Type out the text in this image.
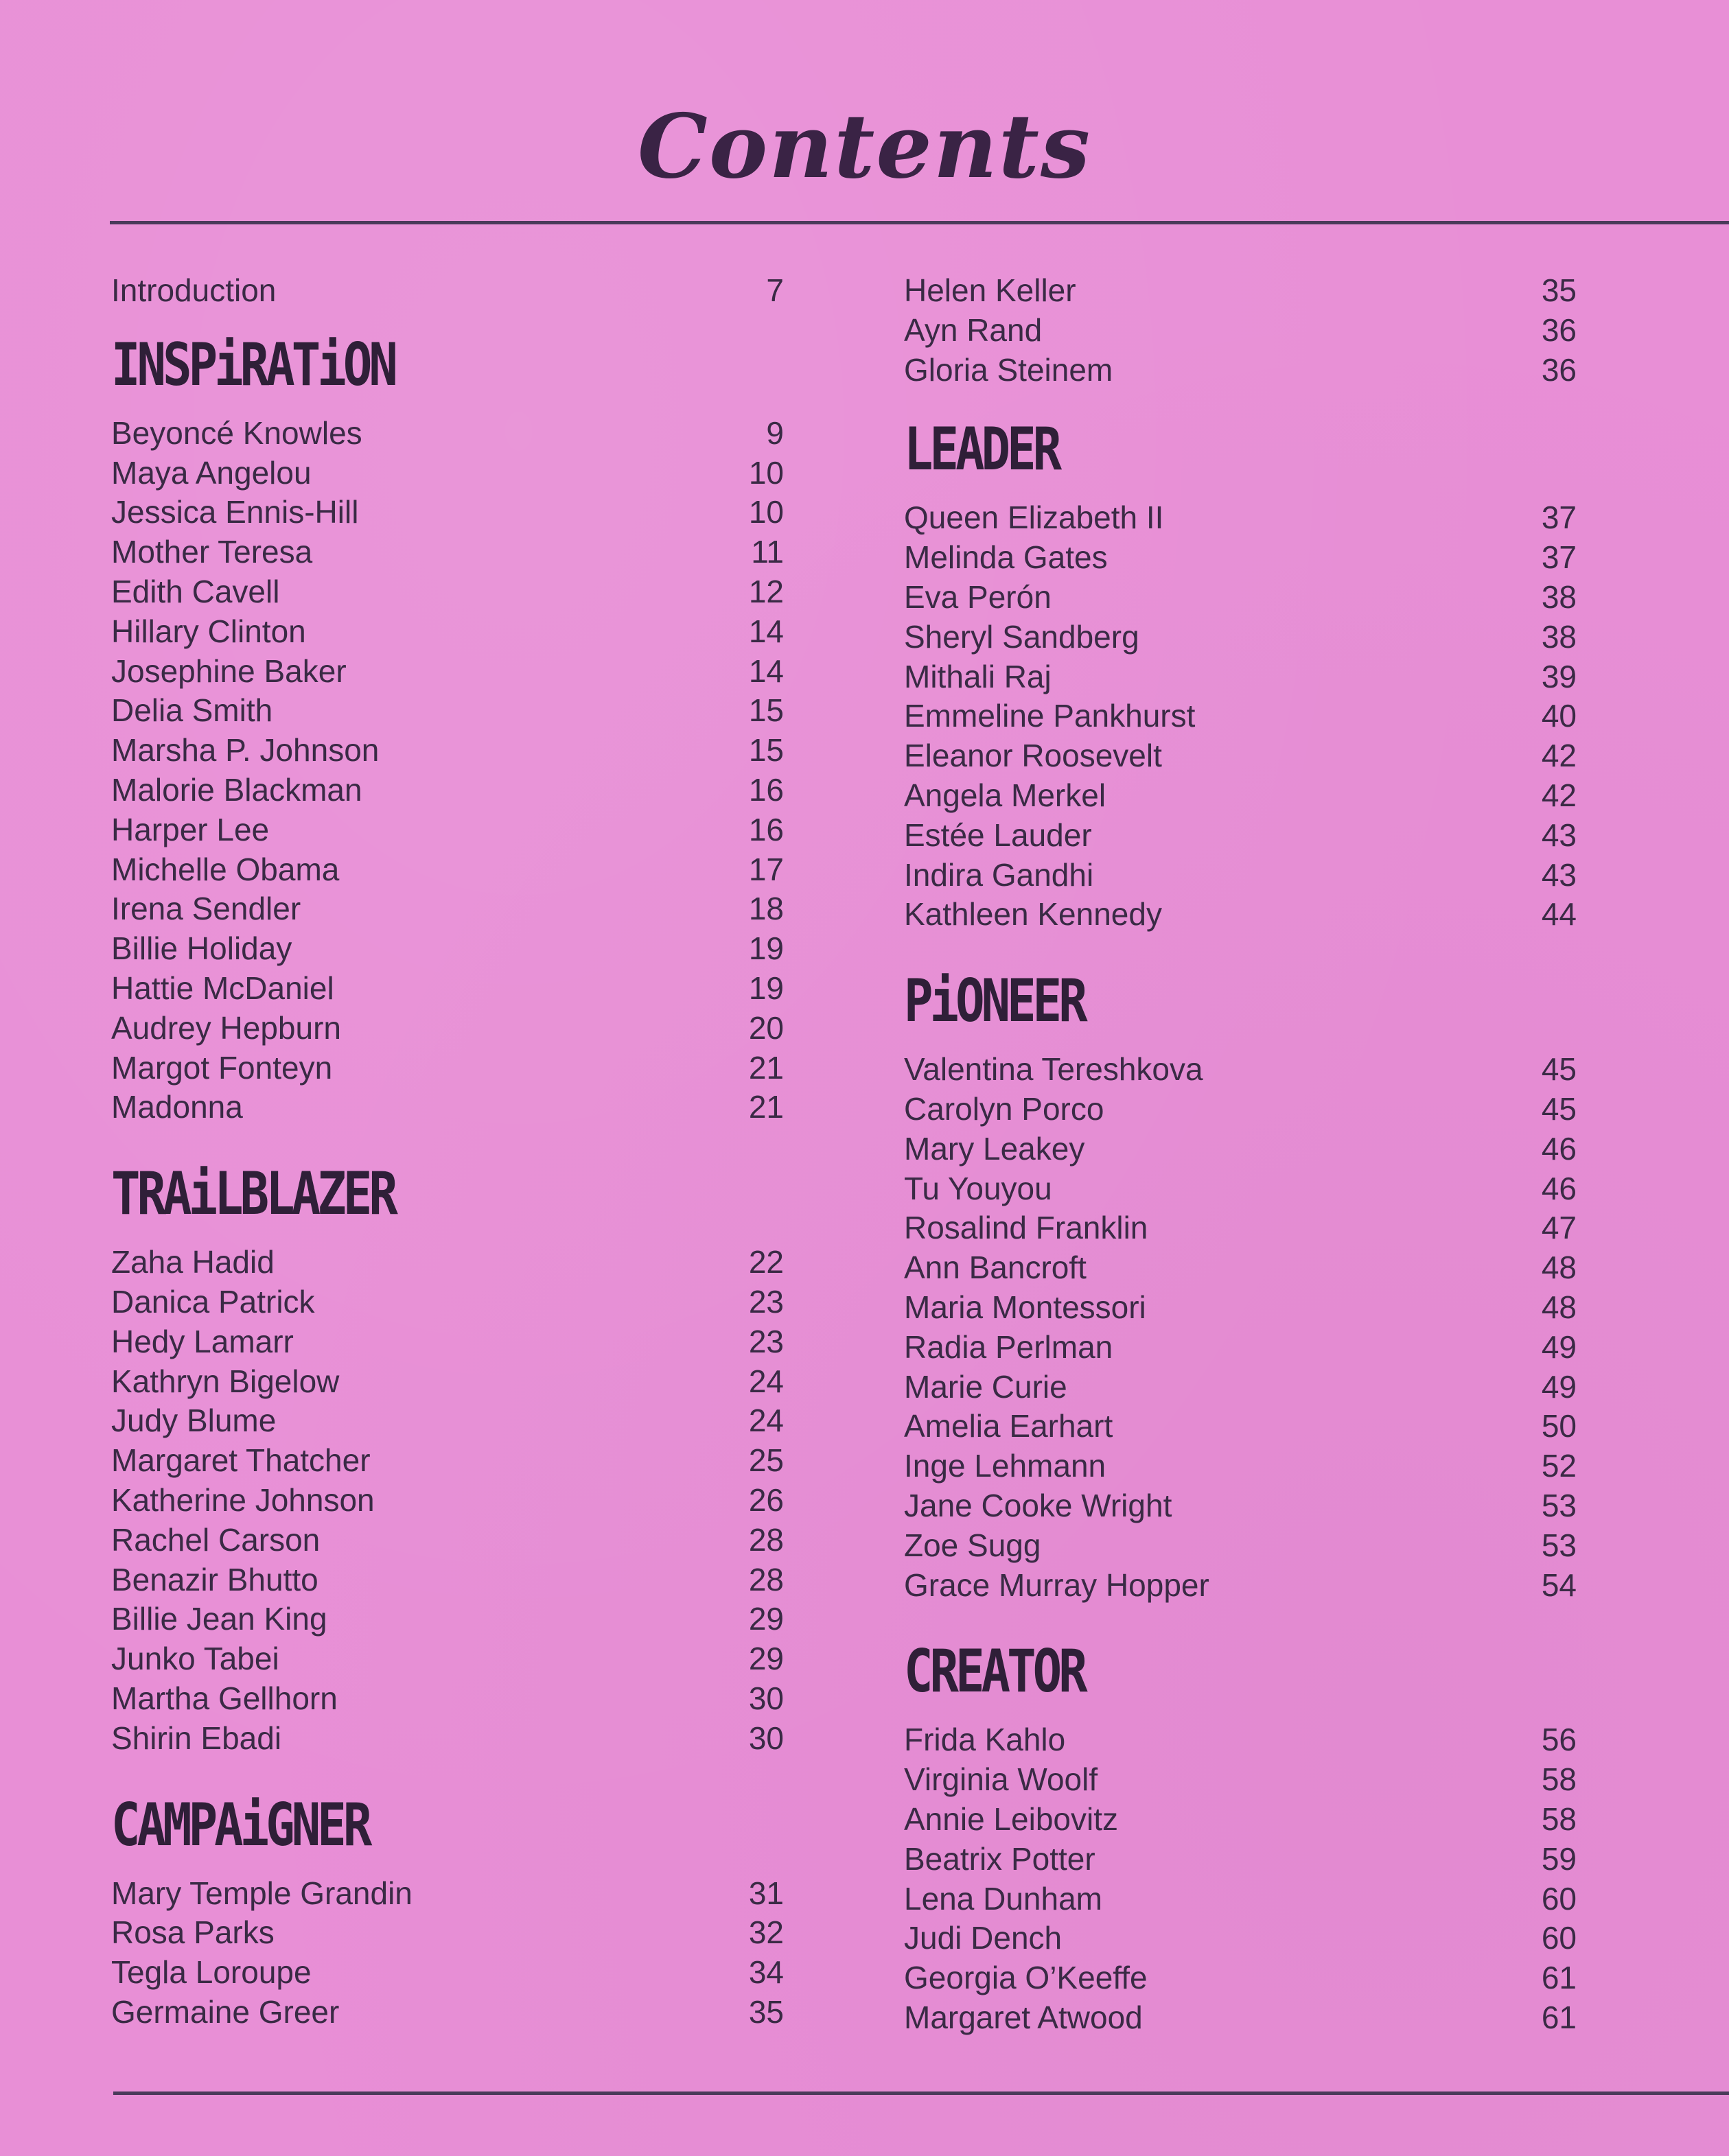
Contents
Introduction	7
INSPiRATiON
Beyoncé Knowles	9
Maya Angelou	10
Jessica Ennis-Hill	10
Mother Teresa	11
Edith Cavell	12
Hillary Clinton	14
Josephine Baker	14
Delia Smith	15
Marsha P. Johnson	15
Malorie Blackman	16
Harper Lee	16
Michelle Obama	17
Irena Sendler	18
Billie Holiday	19
Hattie McDaniel	19
Audrey Hepburn	20
Margot Fonteyn	21
Madonna	21
TRAiLBLAZER
Zaha Hadid	22
Danica Patrick	23
Hedy Lamarr	23
Kathryn Bigelow	24
Judy Blume	24
Margaret Thatcher	25
Katherine Johnson	26
Rachel Carson	28
Benazir Bhutto	28
Billie Jean King	29
Junko Tabei	29
Martha Gellhorn	30
Shirin Ebadi	30
CAMPAiGNER
Mary Temple Grandin	31
Rosa Parks	32
Tegla Loroupe	34
Germaine Greer	35
Helen Keller	35
Ayn Rand	36
Gloria Steinem	36
LEADER
Queen Elizabeth II	37
Melinda Gates	37
Eva Perón	38
Sheryl Sandberg	38
Mithali Raj	39
Emmeline Pankhurst	40
Eleanor Roosevelt	42
Angela Merkel	42
Estée Lauder	43
Indira Gandhi	43
Kathleen Kennedy	44
PiONEER
Valentina Tereshkova	45
Carolyn Porco	45
Mary Leakey	46
Tu Youyou	46
Rosalind Franklin	47
Ann Bancroft	48
Maria Montessori	48
Radia Perlman	49
Marie Curie	49
Amelia Earhart	50
Inge Lehmann	52
Jane Cooke Wright	53
Zoe Sugg	53
Grace Murray Hopper	54
CREATOR
Frida Kahlo	56
Virginia Woolf	58
Annie Leibovitz	58
Beatrix Potter	59
Lena Dunham	60
Judi Dench	60
Georgia O’Keeffe	61
Margaret Atwood	61
